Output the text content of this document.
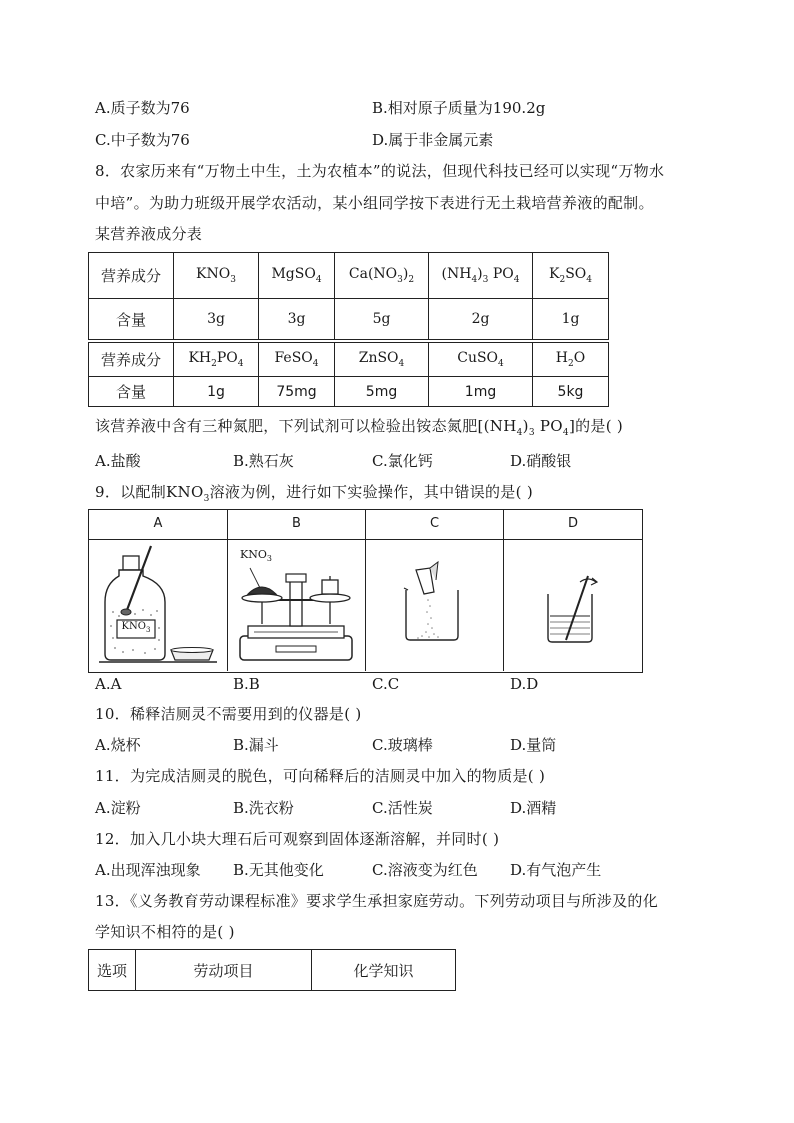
A.质子数为76	B.相对原子质量为190.2g
C.中子数为76	D.属于非金属元素
8．农家历来有“万物土中生，土为农植本”的说法，但现代科技已经可以实现“万物水
中培”。为助力班级开展学农活动，某小组同学按下表进行无土栽培营养液的配制。
某营养液成分表
营养成分	$KNO_3$	MgSO$_4$	$Ca(NO_3)_2$	$(NH_4)_3$ $PO_4$	$K_2SO_4$
含量	3g	3g	5g	2g	1g
营养成分	$KH_2PO_4$	FeSO$_4$	ZnSO$_4$	CuSO$_4$	$H_2O$
含量	1g	75mg	5mg	1mg	5kg
该营养液中含有三种氮肥，下列试剂可以检验出铵态氮肥[$(NH_4)_3$ $PO_4$]的是( )
A.盐酸	B.熟石灰	C.氯化钙	D.硝酸银
9．以配制$KNO_3$溶液为例，进行如下实验操作，其中错误的是( )
A	B	C	D
$KNO_3$
$KNO_3$
A.A	B.B	C.C	D.D
10．稀释洁厕灵不需要用到的仪器是( )
A.烧杯	B.漏斗	C.玻璃棒	D.量筒
11．为完成洁厕灵的脱色，可向稀释后的洁厕灵中加入的物质是( )
A.淀粉	B.洗衣粉	C.活性炭	D.酒精
12．加入几小块大理石后可观察到固体逐渐溶解，并同时( )
A.出现浑浊现象 B.无其他变化	C.溶液变为红色 D.有气泡产生
13．《义务教育劳动课程标准》要求学生承担家庭劳动。下列劳动项目与所涉及的化
学知识不相符的是( )
选项	劳动项目	化学知识
